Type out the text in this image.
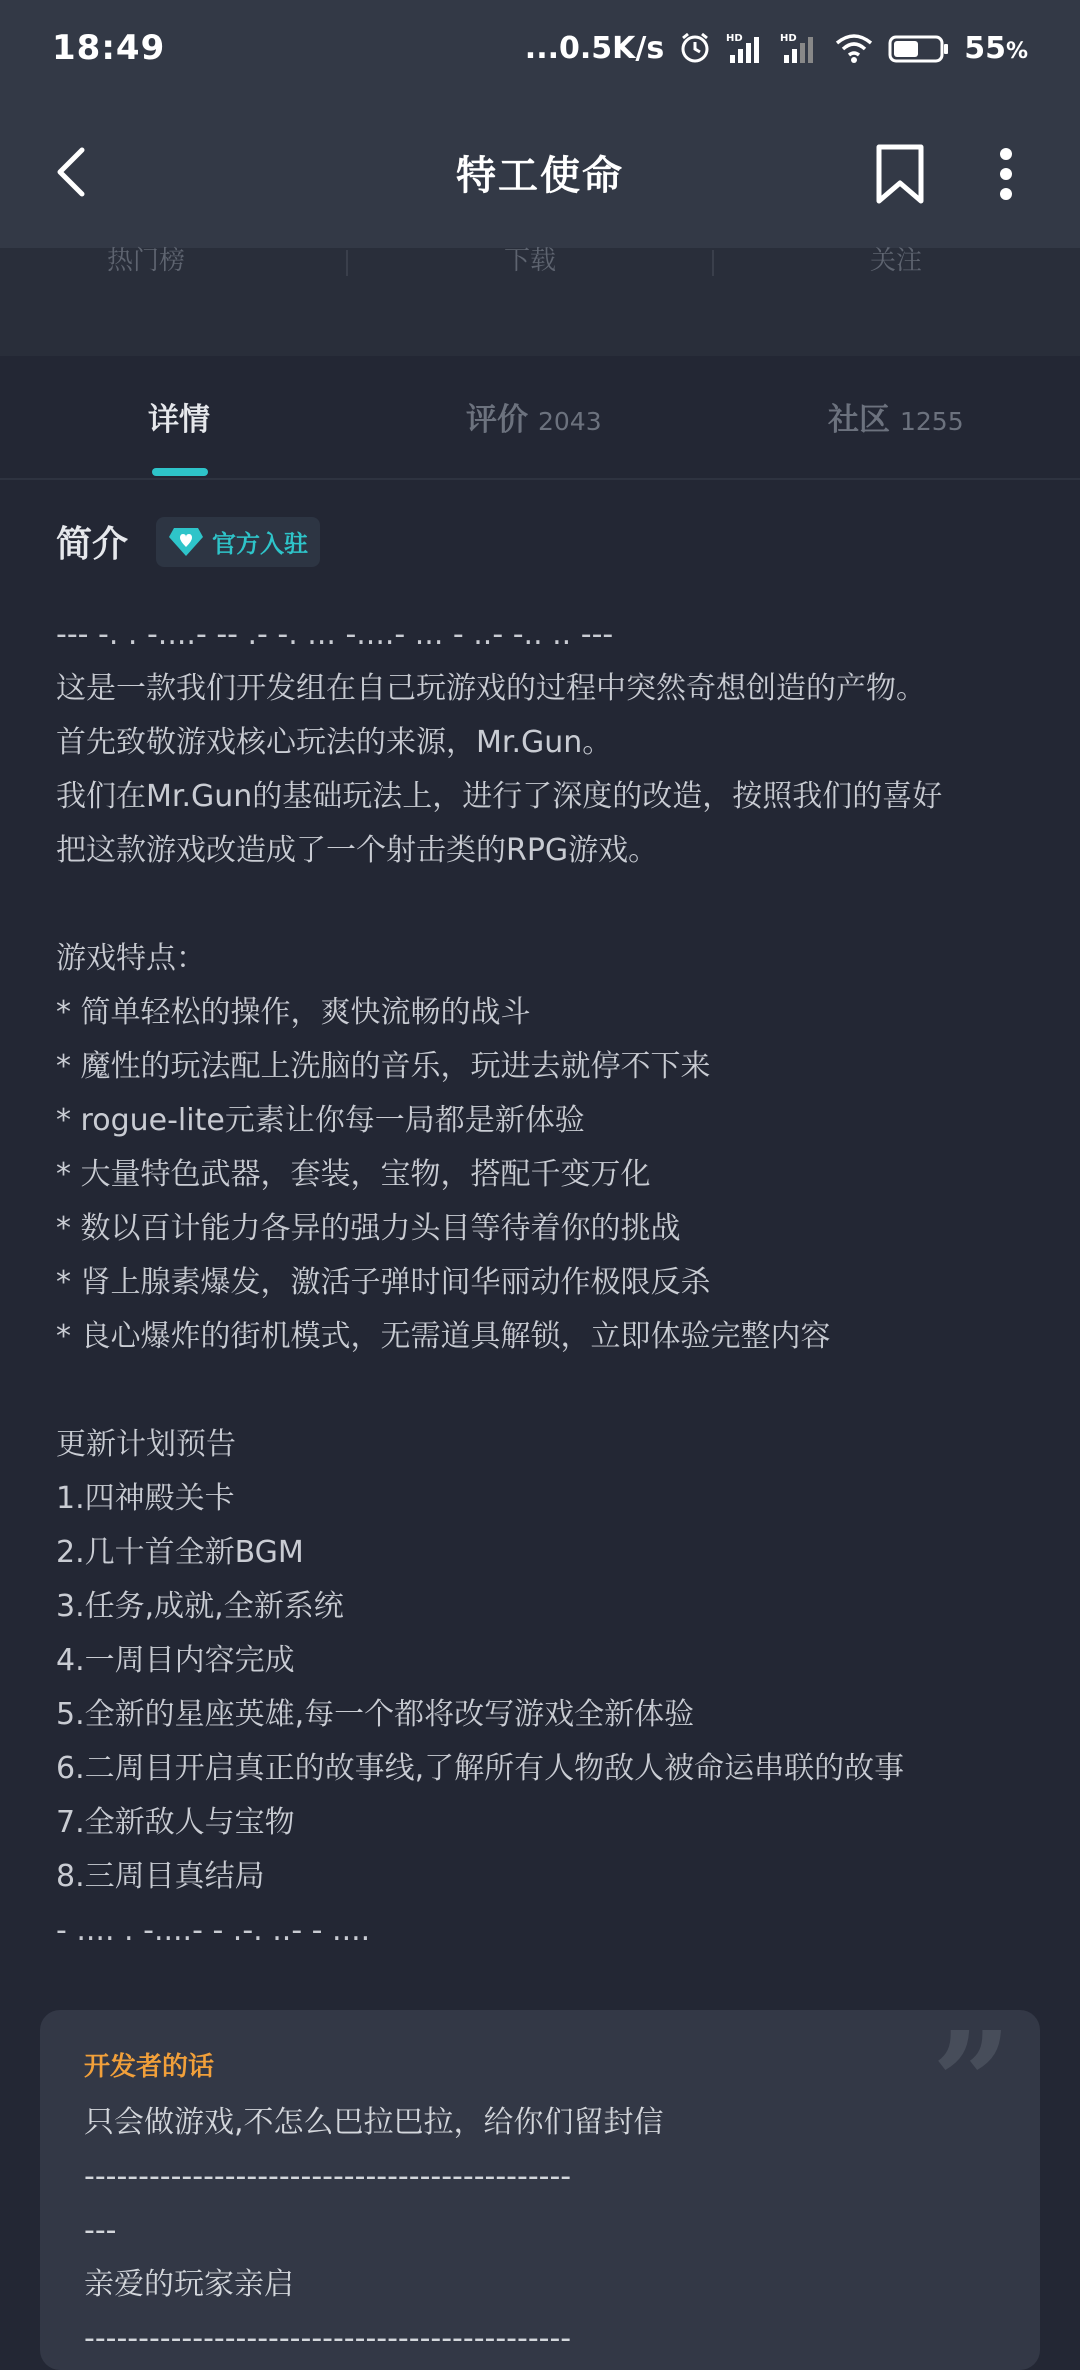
18:49	...0.5K/s	HD	HD	55%
特工使命
热门榜	下载	关注
详情	评价 2043	社区 1255
简介	官方入驻
--- -. . -....- -- .- -. ... -....- ... - ..- -.. .. ---
这是一款我们开发组在自己玩游戏的过程中突然奇想创造的产物。
首先致敬游戏核心玩法的来源，Mr.Gun。
我们在Mr.Gun的基础玩法上，进行了深度的改造，按照我们的喜好
把这款游戏改造成了一个射击类的RPG游戏。
游戏特点：
* 简单轻松的操作，爽快流畅的战斗
* 魔性的玩法配上洗脑的音乐，玩进去就停不下来
* rogue-lite元素让你每一局都是新体验
* 大量特色武器，套装，宝物，搭配千变万化
* 数以百计能力各异的强力头目等待着你的挑战
* 肾上腺素爆发，激活子弹时间华丽动作极限反杀
* 良心爆炸的街机模式，无需道具解锁，立即体验完整内容
更新计划预告
1.四神殿关卡
2.几十首全新BGM
3.任务,成就,全新系统
4.一周目内容完成
5.全新的星座英雄,每一个都将改写游戏全新体验
6.二周目开启真正的故事线,了解所有人物敌人被命运串联的故事
7.全新敌人与宝物
8.三周目真结局
- .... . -....- - .-. ..- - ....
”
开发者的话
只会做游戏,不怎么巴拉巴拉，给你们留封信
---------------------------------------------
---
亲爱的玩家亲启
---------------------------------------------
